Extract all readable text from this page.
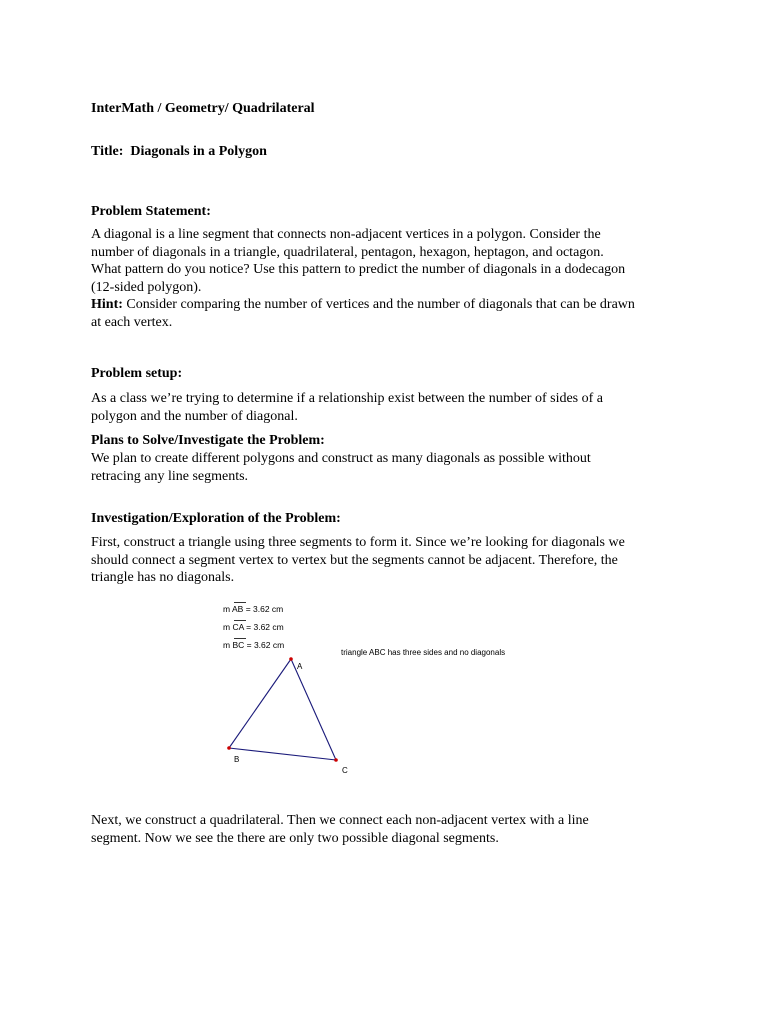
InterMath / Geometry/ Quadrilateral
Title: Diagonals in a Polygon
Problem Statement:
A diagonal is a line segment that connects non-adjacent vertices in a polygon. Consider the
number of diagonals in a triangle, quadrilateral, pentagon, hexagon, heptagon, and octagon.
What pattern do you notice? Use this pattern to predict the number of diagonals in a dodecagon
(12-sided polygon).
Hint: Consider comparing the number of vertices and the number of diagonals that can be drawn
at each vertex.
Problem setup:
As a class we’re trying to determine if a relationship exist between the number of sides of a
polygon and the number of diagonal.
Plans to Solve/Investigate the Problem:
We plan to create different polygons and construct as many diagonals as possible without
retracing any line segments.
Investigation/Exploration of the Problem:
First, construct a triangle using three segments to form it. Since we’re looking for diagonals we
should connect a segment vertex to vertex but the segments cannot be adjacent. Therefore, the
triangle has no diagonals.
m AB = 3.62 cm
m CA = 3.62 cm
m BC = 3.62 cm
triangle ABC has three sides and no diagonals
A
B
C
Next, we construct a quadrilateral. Then we connect each non-adjacent vertex with a line
segment. Now we see the there are only two possible diagonal segments.
